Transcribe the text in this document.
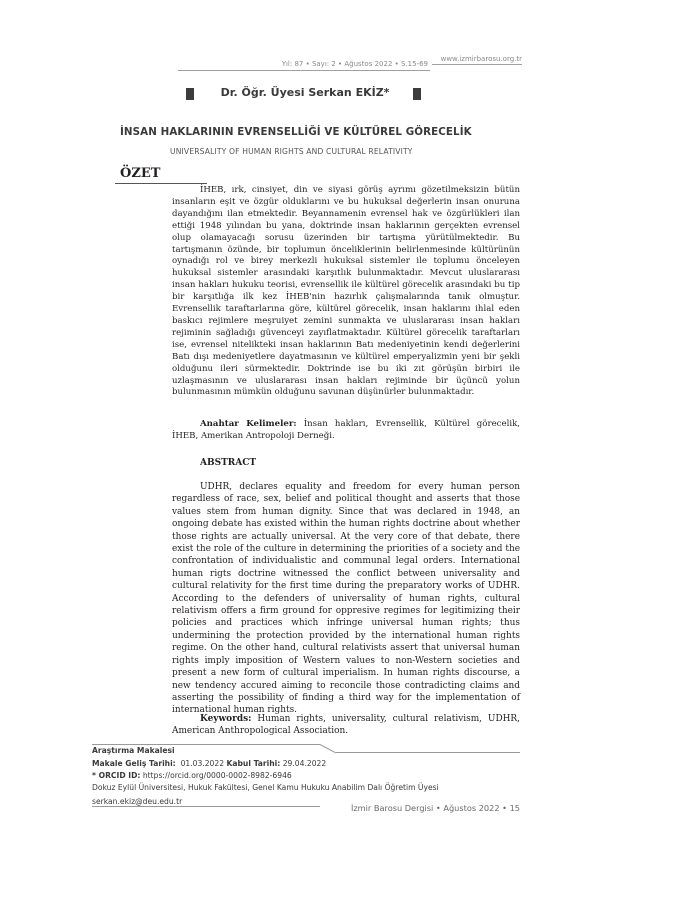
Yıl: 87 • Sayı: 2 • Ağustos 2022 • S.15-69
www.izmirbarosu.org.tr
Dr. Öğr. Üyesi Serkan EKİZ*
İNSAN HAKLARININ EVRENSELLİĞİ VE KÜLTÜREL GÖRECELİK
UNIVERSALITY OF HUMAN RIGHTS AND CULTURAL RELATIVITY
ÖZET

İHEB, ırk, cinsiyet, din ve siyasi görüş ayrımı gözetilmeksizin bütün insanların eşit ve özgür olduklarını ve bu hukuksal değerlerin insan onuruna dayandığını ilan etmektedir. Beyannamenin evrensel hak ve özgürlükleri ilan ettiği 1948 yılından bu yana, doktrinde insan haklarının gerçekten evrensel olup olamayacağı sorusu üzerinden bir tartışma yürütülmektedir. Bu tartışmanın özünde, bir toplumun önceliklerinin belirlenmesinde kültürünün oynadığı rol ve birey merkezli hukuksal sistemler ile toplumu önceleyen hukuksal sistemler arasındaki karşıtlık bulunmaktadır. Mevcut uluslararası insan hakları hukuku teorisi, evrensellik ile kültürel görecelik arasındaki bu tip bir karşıtlığa ilk kez İHEB'nin hazırlık çalışmalarında tanık olmuştur. Evrensellik taraftarlarına göre, kültürel görecelik, insan haklarını ihlal eden baskıcı rejimlere meşruiyet zemini sunmakta ve uluslararası insan hakları rejiminin sağladığı güvenceyi zayıflatmaktadır. Kültürel görecelik taraftarları ise, evrensel nitelikteki insan haklarının Batı medeniyetinin kendi değerlerini Batı dışı medeniyetlere dayatmasının ve kültürel emperyalizmin yeni bir şekli olduğunu ileri sürmektedir. Doktrinde ise bu iki zıt görüşün birbiri ile uzlaşmasının ve uluslararası insan hakları rejiminde bir üçüncü yolun bulunmasının mümkün olduğunu savunan düşünürler bulunmaktadır.

Anahtar Kelimeler: İnsan hakları, Evrensellik, Kültürel görecelik, İHEB, Amerikan Antropoloji Derneği.

ABSTRACT

UDHR, declares equality and freedom for every human person regardless of race, sex, belief and political thought and asserts that those values stem from human dignity. Since that was declared in 1948, an ongoing debate has existed within the human rights doctrine about whether those rights are actually universal. At the very core of that debate, there exist the role of the culture in determining the priorities of a society and the confrontation of individualistic and communal legal orders. International human rigts doctrine witnessed the conflict between universality and cultural relativity for the first time during the preparatory works of UDHR. According to the defenders of universality of human rights, cultural relativism offers a firm ground for oppresive regimes for legitimizing their policies and practices which infringe universal human rights; thus undermining the protection provided by the international human rights regime. On the other hand, cultural relativists assert that universal human rights imply imposition of Western values to non-Western societies and present a new form of cultural imperialism. In human rights discourse, a new tendency accured aiming to reconcile those contradicting claims and asserting the possibility of finding a third way for the implementation of international human rights.

Keywords: Human rights, universality, cultural relativism, UDHR, American Anthropological Association.

Araştırma Makalesi
Makale Geliş Tarihi: 01.03.2022 Kabul Tarihi: 29.04.2022
* ORCID ID: https://orcid.org/0000-0002-8982-6946
Dokuz Eylül Üniversitesi, Hukuk Fakültesi, Genel Kamu Hukuku Anabilim Dalı Öğretim Üyesi
serkan.ekiz@deu.edu.tr
İzmir Barosu Dergisi • Ağustos 2022 • 15
